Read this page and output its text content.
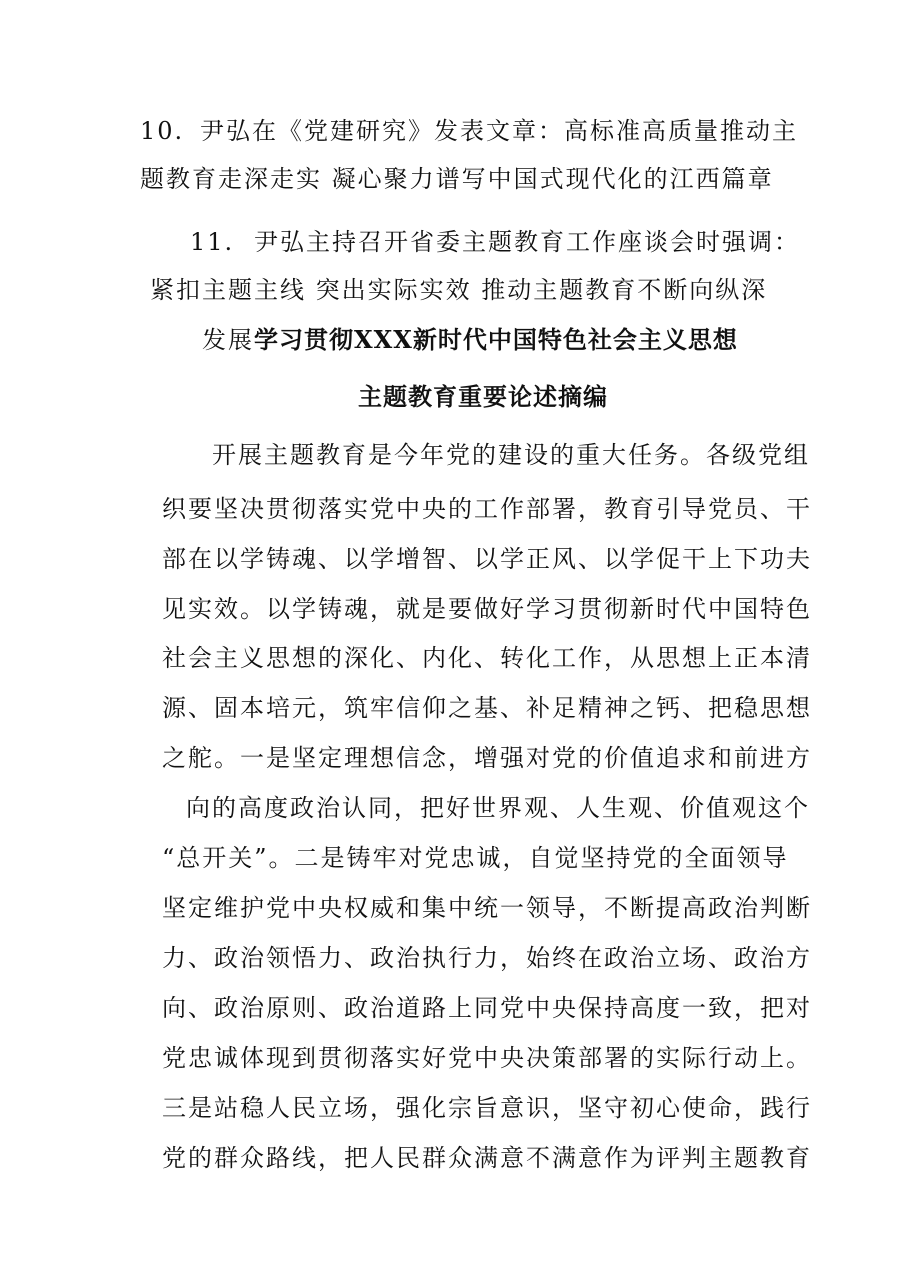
10. 尹弘在《党建研究》发表文章：高标准高质量推动主
题教育走深走实 凝心聚力谱写中国式现代化的江西篇章
11. 尹弘主持召开省委主题教育工作座谈会时强调：
紧扣主题主线 突出实际实效 推动主题教育不断向纵深
发展学习贯彻XXX新时代中国特色社会主义思想
主题教育重要论述摘编
开展主题教育是今年党的建设的重大任务。各级党组
织要坚决贯彻落实党中央的工作部署，教育引导党员、干
部在以学铸魂、以学增智、以学正风、以学促干上下功夫
见实效。以学铸魂，就是要做好学习贯彻新时代中国特色
社会主义思想的深化、内化、转化工作，从思想上正本清
源、固本培元，筑牢信仰之基、补足精神之钙、把稳思想
之舵。一是坚定理想信念，增强对党的价值追求和前进方
向的高度政治认同，把好世界观、人生观、价值观这个
“总开关”。二是铸牢对党忠诚，自觉坚持党的全面领导
坚定维护党中央权威和集中统一领导，不断提高政治判断
力、政治领悟力、政治执行力，始终在政治立场、政治方
向、政治原则、政治道路上同党中央保持高度一致，把对
党忠诚体现到贯彻落实好党中央决策部署的实际行动上。
三是站稳人民立场，强化宗旨意识，坚守初心使命，践行
党的群众路线，把人民群众满意不满意作为评判主题教育
